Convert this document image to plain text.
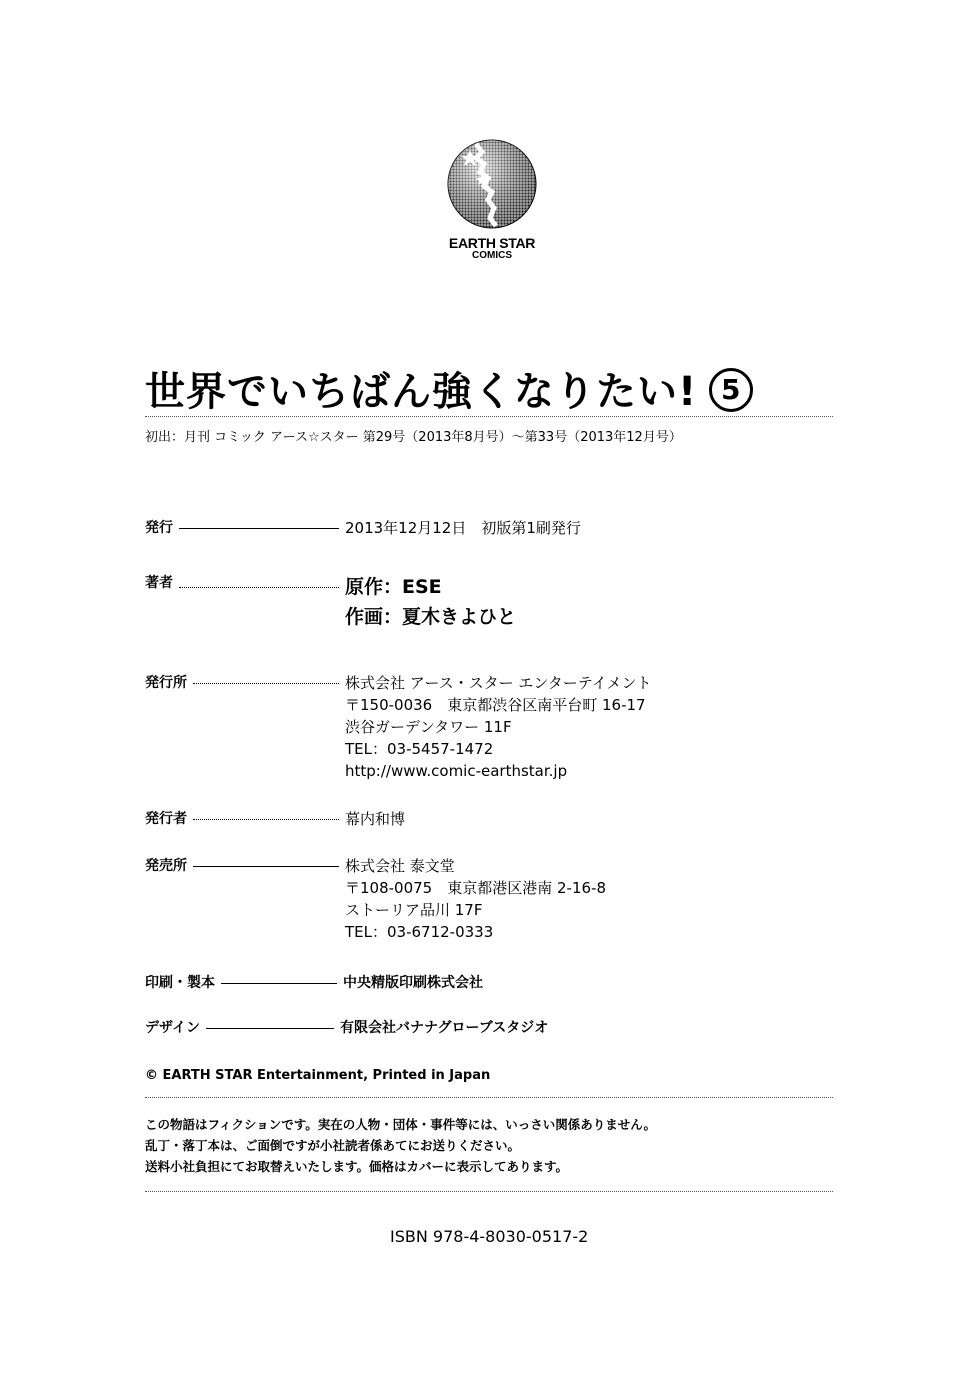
EARTH STAR
COMICS
世界でいちばん強くなりたい! 5
初出：月刊 コミック アース☆スター 第29号（2013年8月号）〜第33号（2013年12月号）
発行	2013年12月12日　初版第1刷発行
著者	原作：ESE
作画：夏木きよひと
発行所	株式会社 アース・スター エンターテイメント
〒150-0036　東京都渋谷区南平台町 16-17
渋谷ガーデンタワー 11F
TEL：03-5457-1472
http://www.comic-earthstar.jp
発行者	幕内和博
発売所	株式会社 泰文堂
〒108-0075　東京都港区港南 2-16-8
ストーリア品川 17F
TEL：03-6712-0333
印刷・製本	中央精版印刷株式会社
デザイン	有限会社バナナグローブスタジオ
© EARTH STAR Entertainment, Printed in Japan
この物語はフィクションです。実在の人物・団体・事件等には、いっさい関係ありません。
乱丁・落丁本は、ご面倒ですが小社読者係あてにお送りください。
送料小社負担にてお取替えいたします。価格はカバーに表示してあります。
ISBN 978-4-8030-0517-2
